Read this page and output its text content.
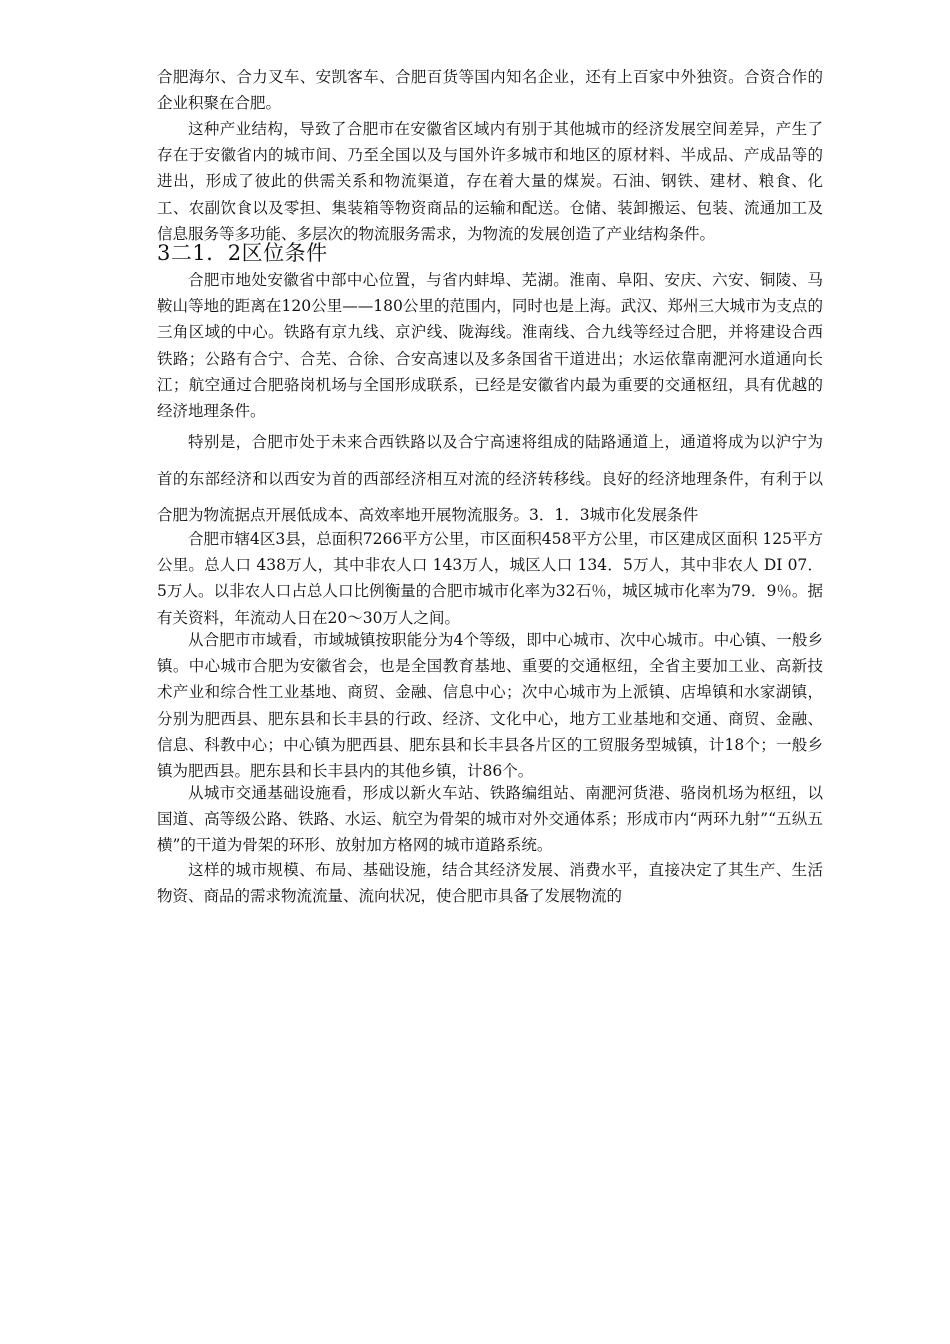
合肥海尔、合力叉车、安凯客车、合肥百货等国内知名企业，还有上百家中外独资。合资合作的企业积聚在合肥。

这种产业结构，导致了合肥市在安徽省区域内有别于其他城市的经济发展空间差异，产生了存在于安徽省内的城市间、乃至全国以及与国外许多城市和地区的原材料、半成品、产成品等的进出，形成了彼此的供需关系和物流渠道，存在着大量的煤炭。石油、钢铁、建材、粮食、化工、农副饮食以及零担、集装箱等物资商品的运输和配送。仓储、装卸搬运、包装、流通加工及信息服务等多功能、多层次的物流服务需求，为物流的发展创造了产业结构条件。

3二1．2区位条件

合肥市地处安徽省中部中心位置，与省内蚌埠、芜湖。淮南、阜阳、安庆、六安、铜陵、马鞍山等地的距离在120公里——180公里的范围内，同时也是上海。武汉、郑州三大城市为支点的三角区域的中心。铁路有京九线、京沪线、陇海线。淮南线、合九线等经过合肥，并将建设合西铁路；公路有合宁、合芜、合徐、合安高速以及多条国省干道进出；水运依靠南淝河水道通向长江；航空通过合肥骆岗机场与全国形成联系，已经是安徽省内最为重要的交通枢纽，具有优越的经济地理条件。

特别是，合肥市处于未来合西铁路以及合宁高速将组成的陆路通道上，通道将成为以沪宁为首的东部经济和以西安为首的西部经济相互对流的经济转移线。良好的经济地理条件，有利于以合肥为物流据点开展低成本、高效率地开展物流服务。3．1．3城市化发展条件

合肥市辖4区3县，总面积7266平方公里，市区面积458平方公里，市区建成区面积 125平方公里。总人口 438万人，其中非农人口 143万人，城区人口 134．5万人，其中非农人 DI 07．5万人。以非农人口占总人口比例衡量的合肥市城市化率为32石％，城区城市化率为79．9％。据有关资料，年流动人日在20～30万人之间。

从合肥市市域看，市域城镇按职能分为4个等级，即中心城市、次中心城市。中心镇、一般乡镇。中心城市合肥为安徽省会，也是全国教育基地、重要的交通枢纽，全省主要加工业、高新技术产业和综合性工业基地、商贸、金融、信息中心；次中心城市为上派镇、店埠镇和水家湖镇，分别为肥西县、肥东县和长丰县的行政、经济、文化中心，地方工业基地和交通、商贸、金融、信息、科教中心；中心镇为肥西县、肥东县和长丰县各片区的工贸服务型城镇，计18个；一般乡镇为肥西县。肥东县和长丰县内的其他乡镇，计86个。

从城市交通基础设施看，形成以新火车站、铁路编组站、南淝河货港、骆岗机场为枢纽，以国道、高等级公路、铁路、水运、航空为骨架的城市对外交通体系；形成市内“两环九射”“五纵五横”的干道为骨架的环形、放射加方格网的城市道路系统。

这样的城市规模、布局、基础设施，结合其经济发展、消费水平，直接决定了其生产、生活物资、商品的需求物流流量、流向状况，使合肥市具备了发展物流的
